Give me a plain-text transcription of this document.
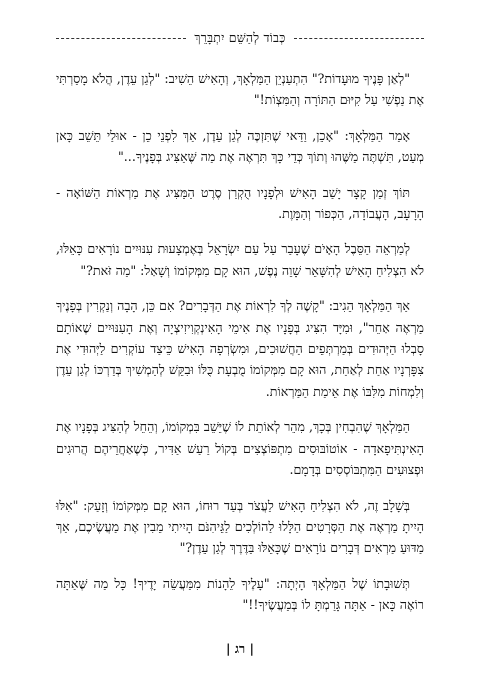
כְּבוֹד לְהַשֵּׁם יִתְבָּרֵךְ

"לְאַן פָּנֶיךָ מוּעָדוֹת?" הִתְעַנְיֵן הַמַּלְאָךְ, וְהָאִישׁ הֵשִׁיב: "לְגַן עֵדֶן, הֲלֹא מָסַרְתִּי אֶת נַפְשִׁי עַל קִיּוּם הַתּוֹרָה וְהַמִּצְוֹת!"

אָמַר הַמַּלְאָךְ: "אָכֵן, וַדַּאי שֶׁתִּזְכֶּה לְגַן עֵדֶן, אַךְ לִפְנֵי כֵן - אוּלַי תֵּשֵׁב כָּאן מְעַט, תִּשְׁתֶּה מַשֶּׁהוּ וְתוֹךְ כְּדֵי כָּךְ תִּרְאֶה אֶת מַה שֶּׁאַצִּיג בְּפָנֶיךָ..."

תּוֹךְ זְמַן קָצָר יָשַׁב הָאִישׁ וּלְפָנָיו הֻקְרַן סֶרֶט הַמַּצִּיג אֶת מַרְאוֹת הַשּׁוֹאָה - הָרָעָב, הָעֲבוֹדָה, הַכְּפוֹר וְהַמָּוֶת.

לְמַרְאֵה הַסֵּבֶל הָאָיֹם שֶׁעָבַר עַל עַם יִשְׂרָאֵל בְּאֶמְצָעוּת עִנּוּיִים נוֹרָאִים כָּאֵלּוּ, לֹא הִצְלִיחַ הָאִישׁ לְהִשָּׁאֵר שָׁוֵה נֶפֶשׁ, הוּא קָם מִמְּקוֹמוֹ וְשָׁאַל: "מַה זֹּאת?"

אַךְ הַמַּלְאָךְ הֵגִיב: "קָשֶׁה לְךָ לִרְאוֹת אֶת הַדְּבָרִים? אִם כֵּן, הָבָה וְנַקְרִין בְּפָנֶיךָ מַרְאֶה אַחֵר", וּמִיָּד הִצִּיג בְּפָנָיו אֶת אִימֵי הָאִינְקְוִיזִיצְיָה וְאֶת הָעִנּוּיִים שֶׁאוֹתָם סָבְלוּ הַיְּהוּדִים בְּמַרְתְּפֵים הַחֲשׁוּכִים, וּמִשְׂרְפָה הָאִישׁ כֵּיצַד עוֹקְרִים לַיְּהוּדִי אֶת צִפָּרְנָיו אַחַת לְאַחַת, הוּא קָם מִמְּקוֹמוֹ מֻבְעָת כֻּלּוֹ וּבִקֵּשׁ לְהַמְשִׁיךְ בְּדַרְכּוֹ לְגַן עֵדֶן וְלִמְחוֹת מִלִּבּוֹ אֶת אֵימַת הַמַּרְאוֹת.

הַמַּלְאָךְ שֶׁהִבְחִין בְּכָךְ, מִהֵר לְאוֹתֵת לוֹ שֶׁיֵּשֵׁב בִּמְקוֹמוֹ, וְהֵחֵל לְהַצִּיג בְּפָנָיו אֶת הָאִינְתִּיפָאדָה - אוֹטוֹבּוּסִים מִתְפּוֹצְצִים בְּקוֹל רַעַשׁ אַדִּיר, כְּשֶׁאַחֲרֵיהֶם הֲרוּגִים וּפְצוּעִים הַמִּתְבּוֹסְסִים בְּדָמָם.

בְּשָׁלָב זֶה, לֹא הִצְלִיחַ הָאִישׁ לַעֲצֹר בְּעַד רוּחוֹ, הוּא קָם מִמְּקוֹמוֹ וְזָעַק: "אִלּוּ הָיִיתָ מַרְאֶה אֶת הַסְּרָטִים הַלָּלוּ לַהוֹלְכִים לַגֵּיהִנֹּם הָיִיתִי מֵבִין אֶת מַעֲשֶׂיכֶם, אַךְ מַדּוּעַ מַרְאִים דְּבָרִים נוֹרָאִים שֶׁכָּאֵלּוּ בַּדֶּרֶךְ לְגַן עֵדֶן?"

תְּשׁוּבָתוֹ שֶׁל הַמַּלְאָךְ הָיְתָה: "עָלֶיךָ לֵהָנוֹת מִמַּעֲשֵׂה יָדֶיךָ! כָּל מַה שֶּׁאַתָּה רוֹאֶה כָּאן - אַתָּה גָּרַמְתָּ לוֹ בְּמַעֲשֶׂיךָ!!"

| רג |
